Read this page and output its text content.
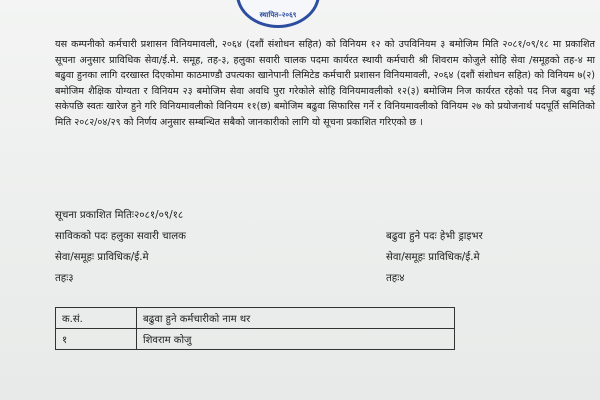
स्थापित–२०६९
यस कम्पनीको कर्मचारी प्रशासन विनियमावली, २०६४ (दशौं संशोधन सहित) को विनियम १२ को उपविनियम ३ बमोजिम मिति २०८१/०९/१८ मा प्रकाशित सूचना अनुसार प्राविधिक सेवा/ई.मे. समूह, तह-३, हलुका सवारी चालक पदमा कार्यरत स्थायी कर्मचारी श्री शिवराम कोजुले सोहि सेवा /समूहको तह-४ मा बढुवा हुनका लागि दरखास्त दिएकोमा काठमाण्डौ उपत्यका खानेपानी लिमिटेड कर्मचारी प्रशासन विनियमावली, २०६४ (दशौं संशोधन सहित) को विनियम ७(२) बमोजिम शैक्षिक योग्यता र विनियम २३ बमोजिम सेवा अवधि पुरा गरेकोले सोहि विनियमावलीको १२(३) बमोजिम निज कार्यरत रहेको पद निज बढुवा भई सकेपछि स्वतः खारेज हुने गरि विनियमावलीको विनियम ११(छ) बमोजिम बढुवा सिफारिस गर्ने र विनियमावलीको विनियम २७ को प्रयोजनार्थ पदपूर्ति समितिको मिति २०८२/०४/२९ को निर्णय अनुसार सम्बन्धित सबैको जानकारीको लागि यो सूचना प्रकाशित गरिएको छ ।
सूचना प्रकाशित मितिः२०८१/०९/१८
साविकको पदः हलुका सवारी चालक	बढुवा हुने पदः हेभी ड्राइभर
सेवा/समूहः प्राविधिक/ई.मे	सेवा/समूहः प्राविधिक/ई.मे
तहः३	तहः४
क.सं.	बढुवा हुने कर्मचारीको नाम थर
१	शिवराम कोजु
